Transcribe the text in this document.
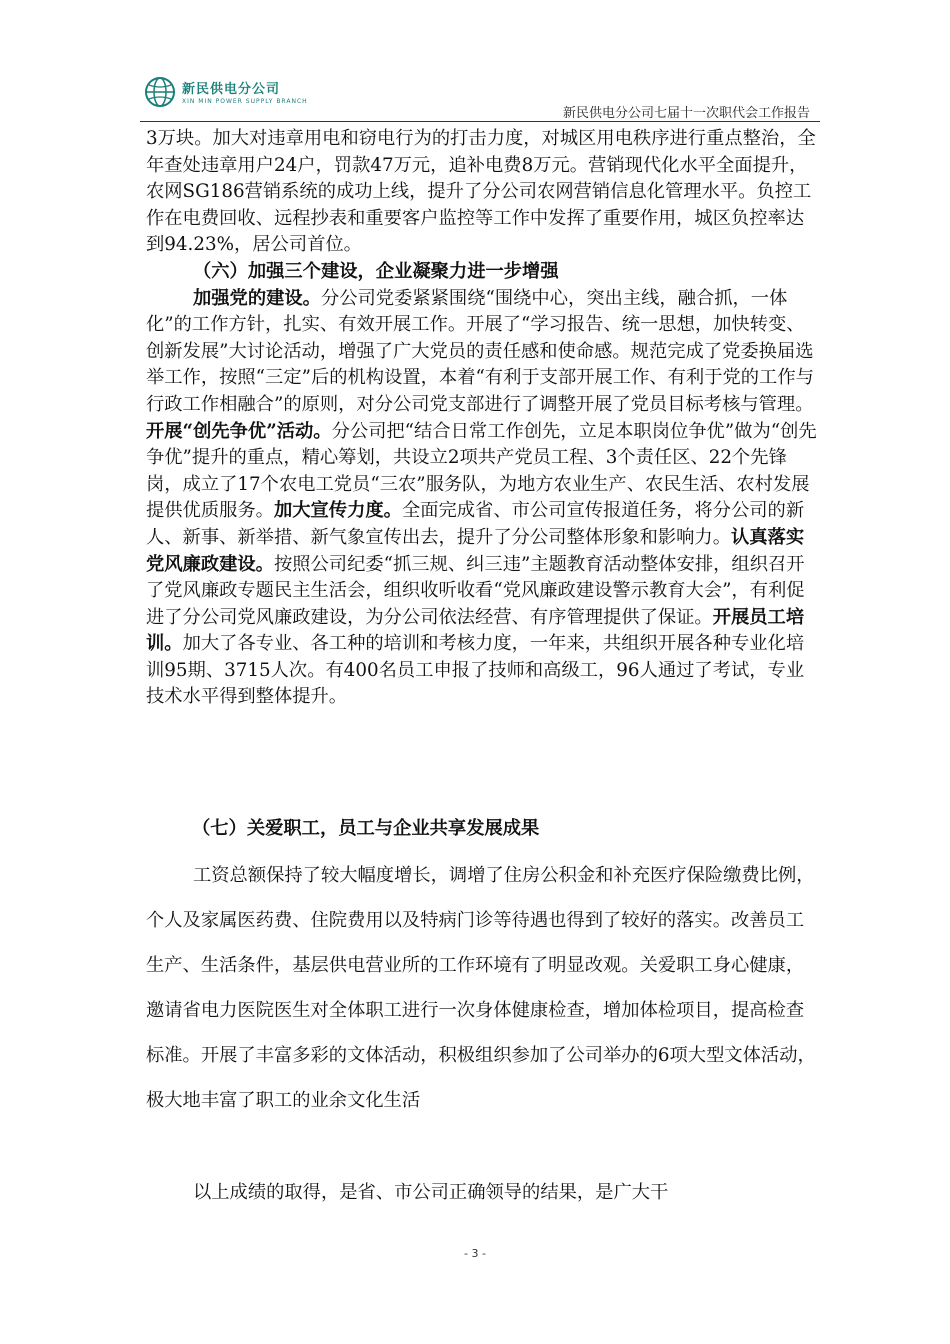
新民供电分公司
XIN MIN POWER SUPPLY BRANCH
新民供电分公司七届十一次职代会工作报告

3万块。加大对违章用电和窃电行为的打击力度，对城区用电秩序进行重点整治，全年查处违章用户24户，罚款47万元，追补电费8万元。营销现代化水平全面提升，农网SG186营销系统的成功上线，提升了分公司农网营销信息化管理水平。负控工作在电费回收、远程抄表和重要客户监控等工作中发挥了重要作用，城区负控率达到94.23%，居公司首位。

（六）加强三个建设，企业凝聚力进一步增强

加强党的建设。分公司党委紧紧围绕“围绕中心，突出主线，融合抓，一体化”的工作方针，扎实、有效开展工作。开展了“学习报告、统一思想，加快转变、创新发展”大讨论活动，增强了广大党员的责任感和使命感。规范完成了党委换届选举工作，按照“三定”后的机构设置，本着“有利于支部开展工作、有利于党的工作与行政工作相融合”的原则，对分公司党支部进行了调整开展了党员目标考核与管理。开展“创先争优”活动。分公司把“结合日常工作创先，立足本职岗位争优”做为“创先争优”提升的重点，精心筹划，共设立2项共产党员工程、3个责任区、22个先锋岗，成立了17个农电工党员“三农”服务队，为地方农业生产、农民生活、农村发展提供优质服务。加大宣传力度。全面完成省、市公司宣传报道任务，将分公司的新人、新事、新举措、新气象宣传出去，提升了分公司整体形象和影响力。认真落实党风廉政建设。按照公司纪委“抓三规、纠三违”主题教育活动整体安排，组织召开了党风廉政专题民主生活会，组织收听收看“党风廉政建设警示教育大会”，有利促进了分公司党风廉政建设，为分公司依法经营、有序管理提供了保证。开展员工培训。加大了各专业、各工种的培训和考核力度，一年来，共组织开展各种专业化培训95期、3715人次。有400名员工申报了技师和高级工，96人通过了考试，专业技术水平得到整体提升。

（七）关爱职工，员工与企业共享发展成果

工资总额保持了较大幅度增长，调增了住房公积金和补充医疗保险缴费比例，个人及家属医药费、住院费用以及特病门诊等待遇也得到了较好的落实。改善员工生产、生活条件，基层供电营业所的工作环境有了明显改观。关爱职工身心健康，邀请省电力医院医生对全体职工进行一次身体健康检查，增加体检项目，提高检查标准。开展了丰富多彩的文体活动，积极组织参加了公司举办的6项大型文体活动，极大地丰富了职工的业余文化生活

以上成绩的取得，是省、市公司正确领导的结果，是广大干
- 3 -
